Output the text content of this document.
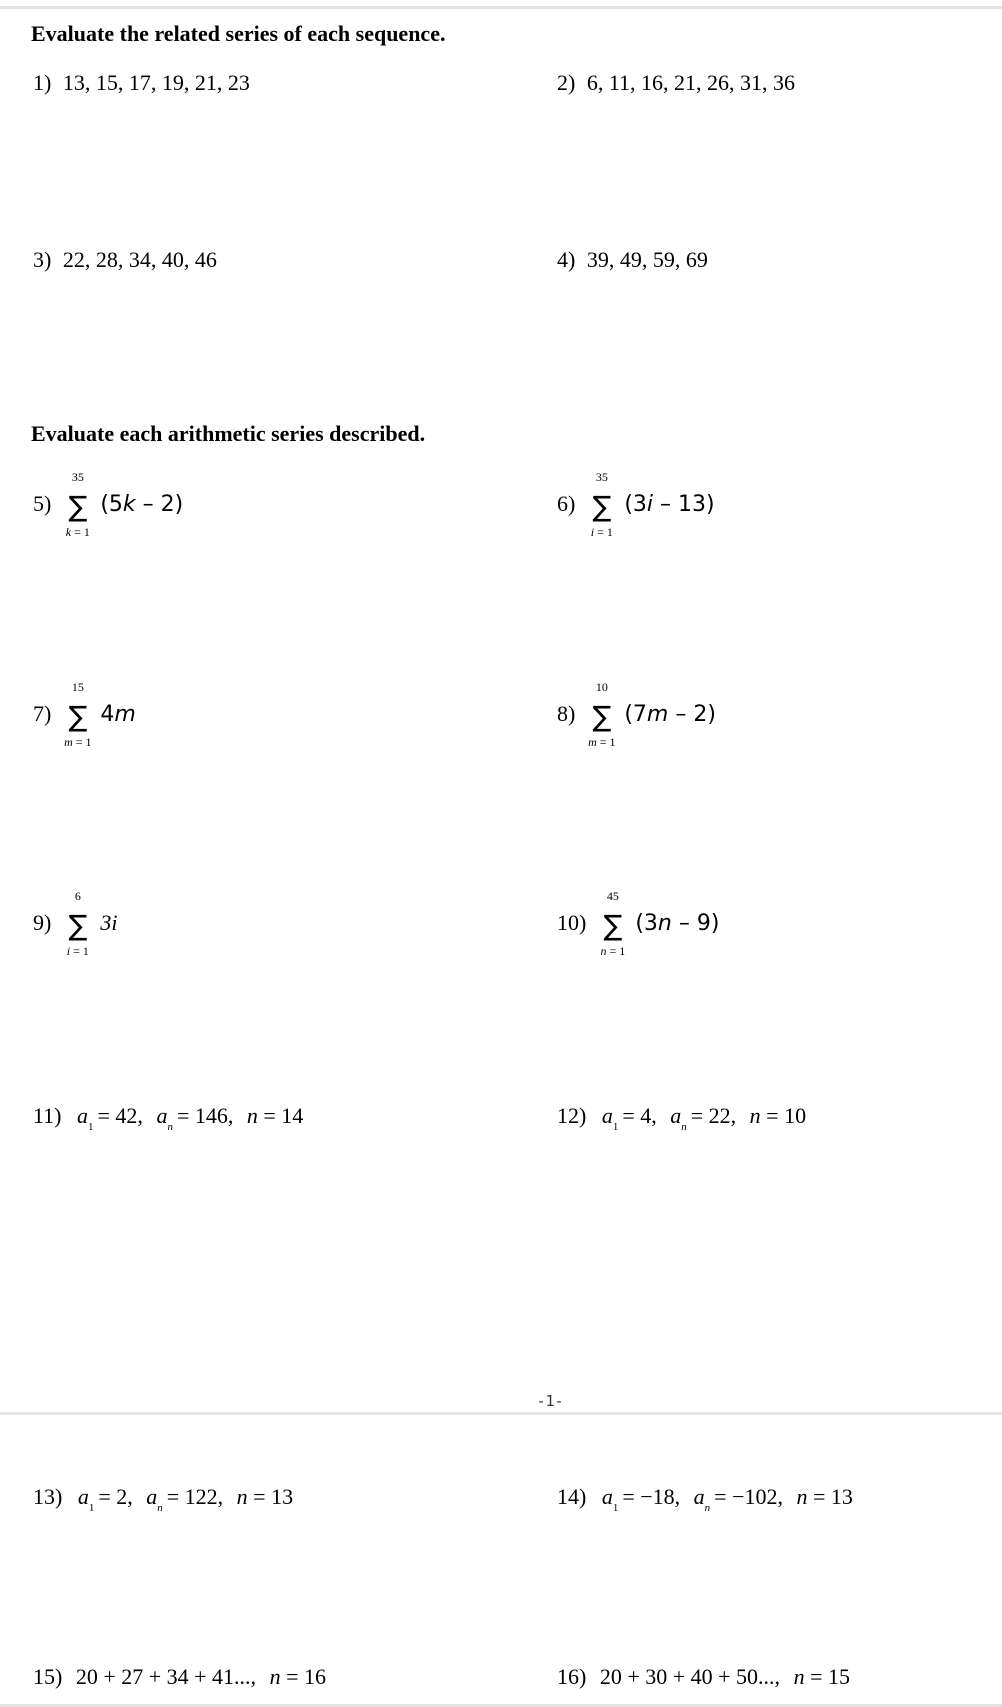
Evaluate the related series of each sequence.
1) 13, 15, 17, 19, 21, 23	2) 6, 11, 16, 21, 26, 31, 36
3) 22, 28, 34, 40, 46	4) 39, 49, 59, 69
Evaluate each arithmetic series described.
5)
35
∑
k = 1
(5k – 2)	6)
35
∑
i = 1
(3i – 13)
7)
15
∑
m = 1
4m	8)
10
∑
m = 1
(7m – 2)
9)
6
∑
i = 1
3i	10)
45
∑
n = 1
(3n – 9)
11) $a_1 = 42$, $a_n = 146$, n = 14	12) $a_1 = 4$, $a_n = 22$, n = 10
-1-
13) $a_1 = 2$, $a_n = 122$, n = 13	14) $a_1 = -18$, $a_n = -102$, n = 13
15) 20 + 27 + 34 + 41..., n = 16	16) 20 + 30 + 40 + 50..., n = 15
